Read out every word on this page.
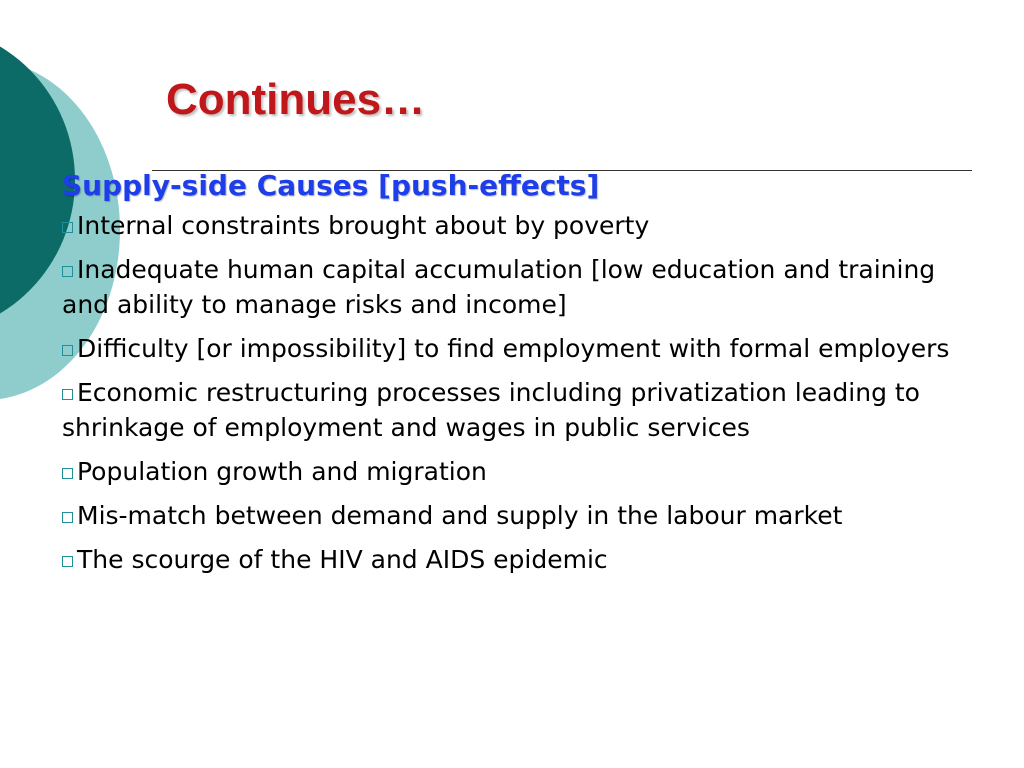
Continues…
Supply-side Causes [push-effects]
Internal constraints brought about by poverty
Inadequate human capital accumulation [low education and training and ability to manage risks and income]
Difficulty [or impossibility] to find employment with formal employers
Economic restructuring processes including privatization leading to shrinkage of employment and wages in public services
Population growth and migration
Mis-match between demand and supply in the labour market
The scourge of the HIV and AIDS epidemic
